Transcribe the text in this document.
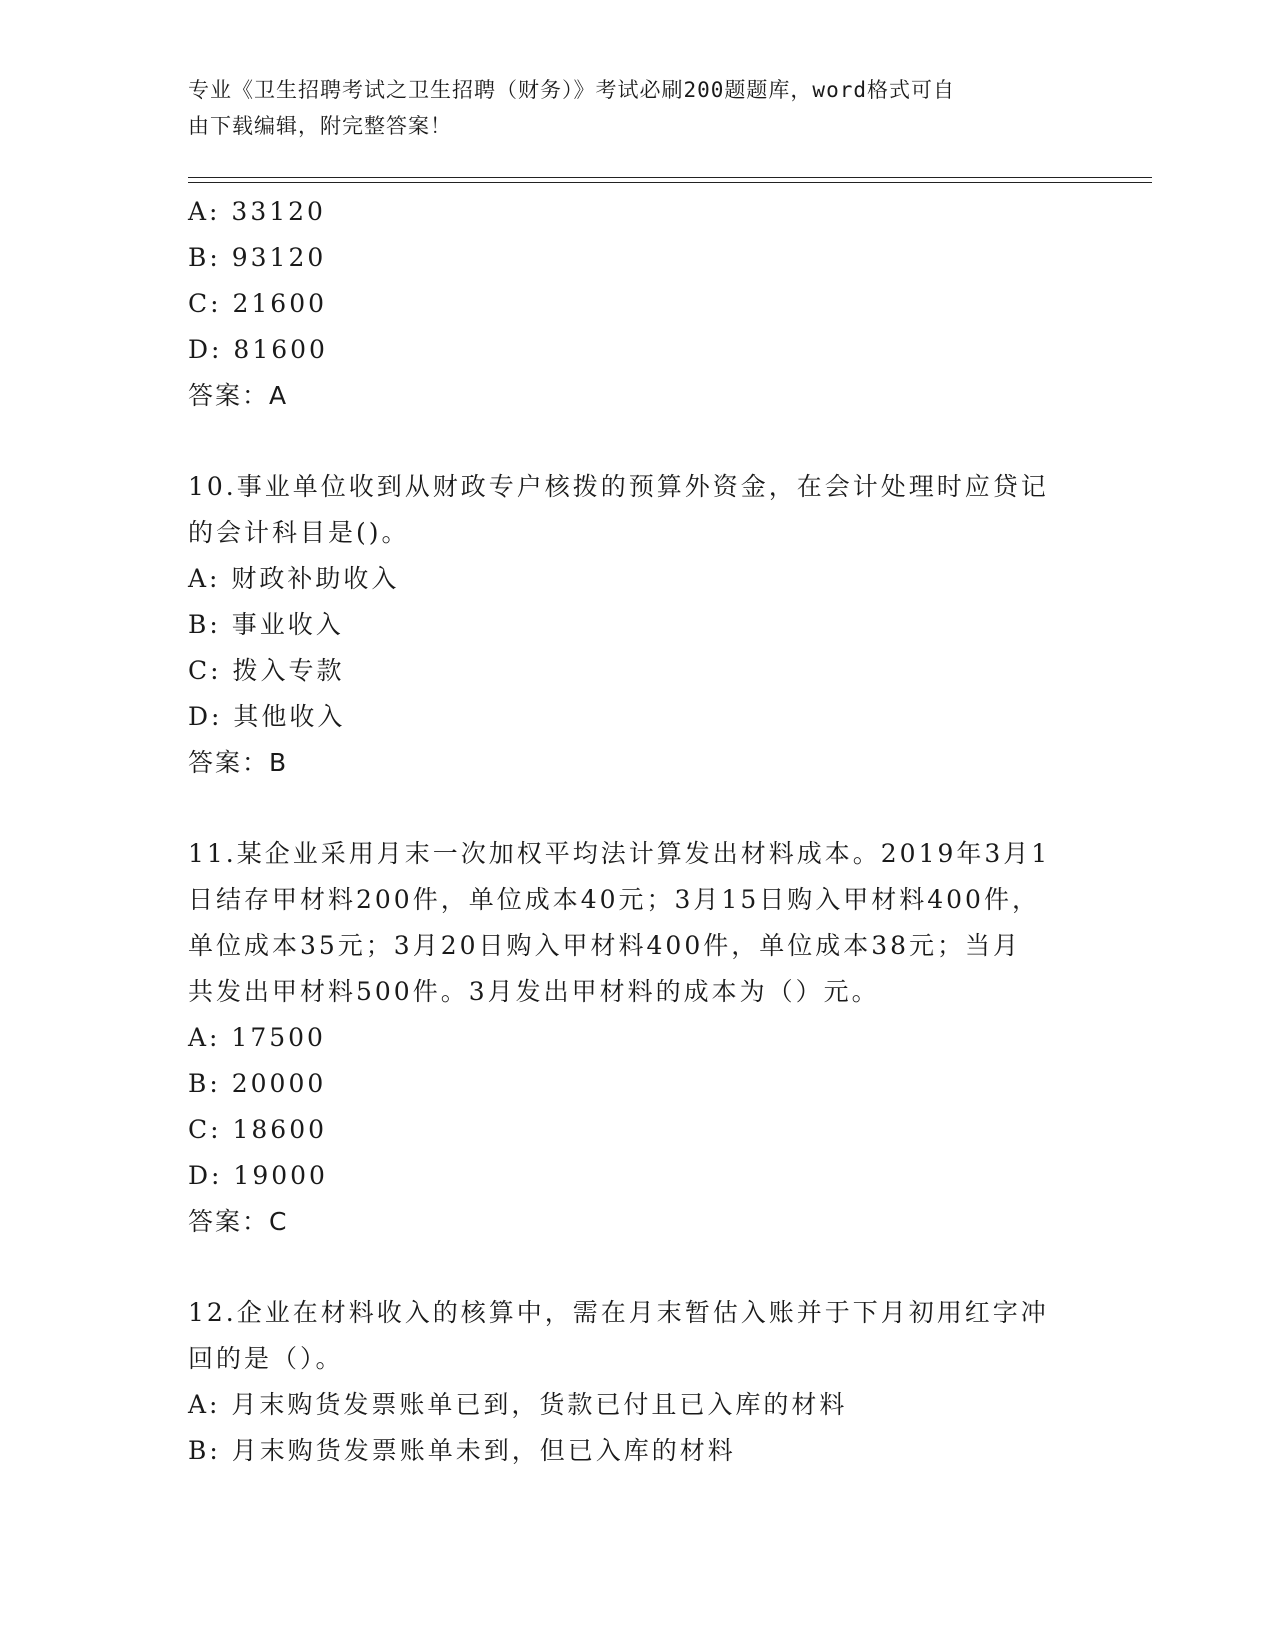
专业《卫生招聘考试之卫生招聘（财务）》考试必刷200题题库，word格式可自
由下载编辑，附完整答案！
A: 33120
B: 93120
C: 21600
D: 81600
答案：A
10.事业单位收到从财政专户核拨的预算外资金，在会计处理时应贷记
的会计科目是()。
A: 财政补助收入
B: 事业收入
C: 拨入专款
D: 其他收入
答案：B
11.某企业采用月末一次加权平均法计算发出材料成本。2019年3月1
日结存甲材料200件，单位成本40元；3月15日购入甲材料400件，
单位成本35元；3月20日购入甲材料400件，单位成本38元；当月
共发出甲材料500件。3月发出甲材料的成本为（）元。
A: 17500
B: 20000
C: 18600
D: 19000
答案：C
12.企业在材料收入的核算中，需在月末暂估入账并于下月初用红字冲
回的是（）。
A: 月末购货发票账单已到，货款已付且已入库的材料
B: 月末购货发票账单未到，但已入库的材料
